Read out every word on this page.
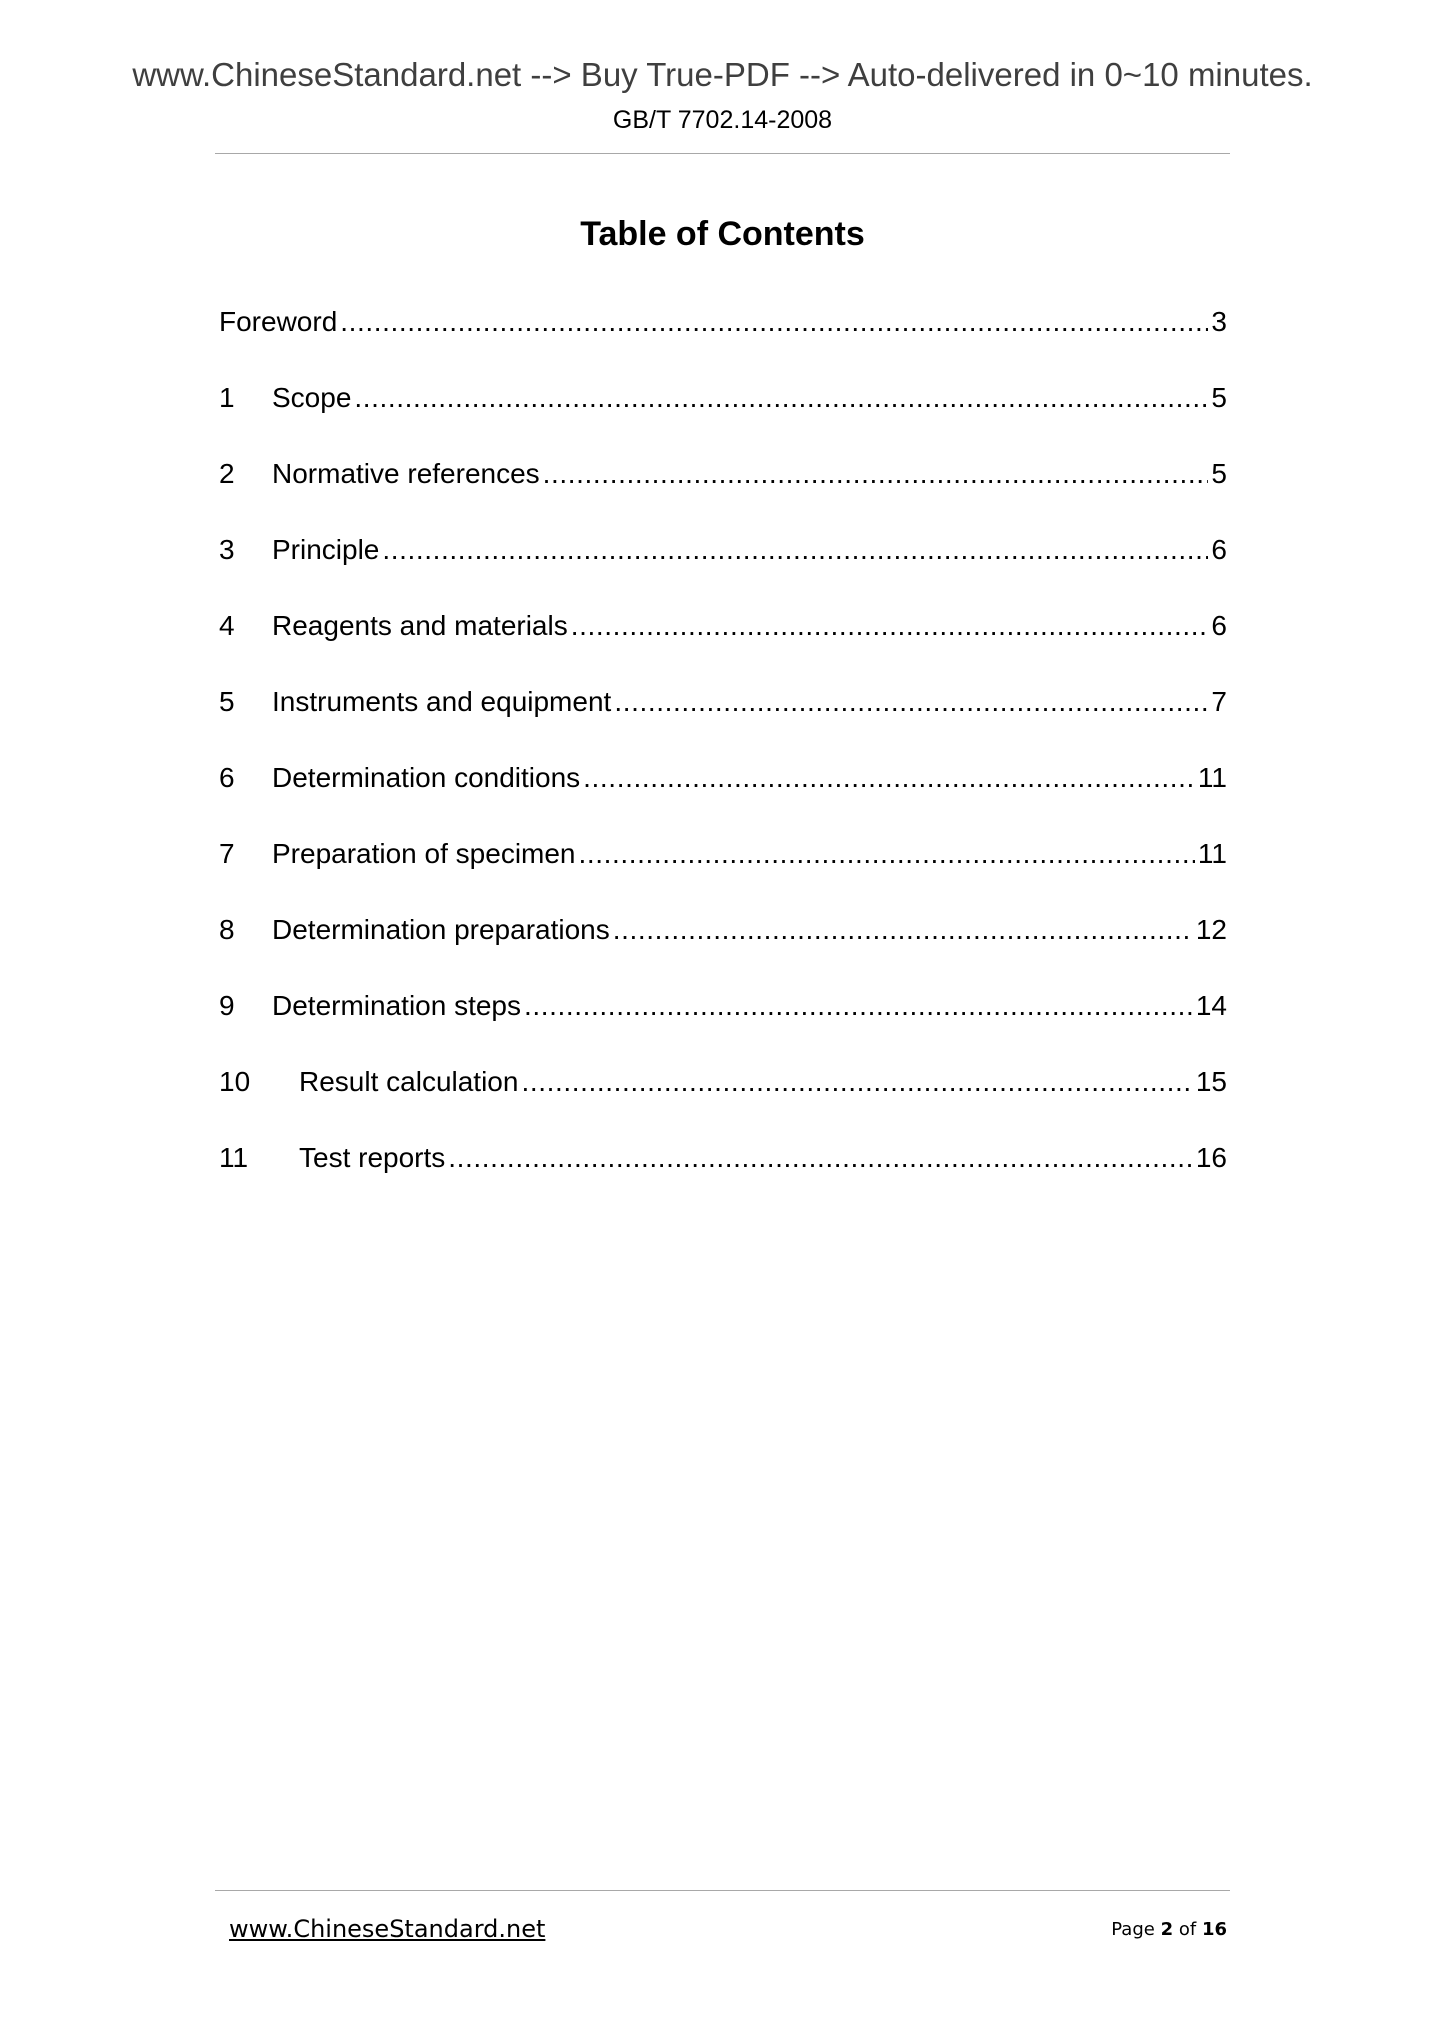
www.ChineseStandard.net --> Buy True-PDF --> Auto-delivered in 0~10 minutes.
GB/T 7702.14-2008
Table of Contents
Foreword .....	3
1	Scope .....	5
2	Normative references .....	5
3	Principle .....	6
4	Reagents and materials .....	6
5	Instruments and equipment .....	7
6	Determination conditions .....	11
7	Preparation of specimen .....	11
8	Determination preparations .....	12
9	Determination steps .....	14
10	Result calculation .....	15
11	Test reports .....	16
www.ChineseStandard.net	Page 2 of 16
